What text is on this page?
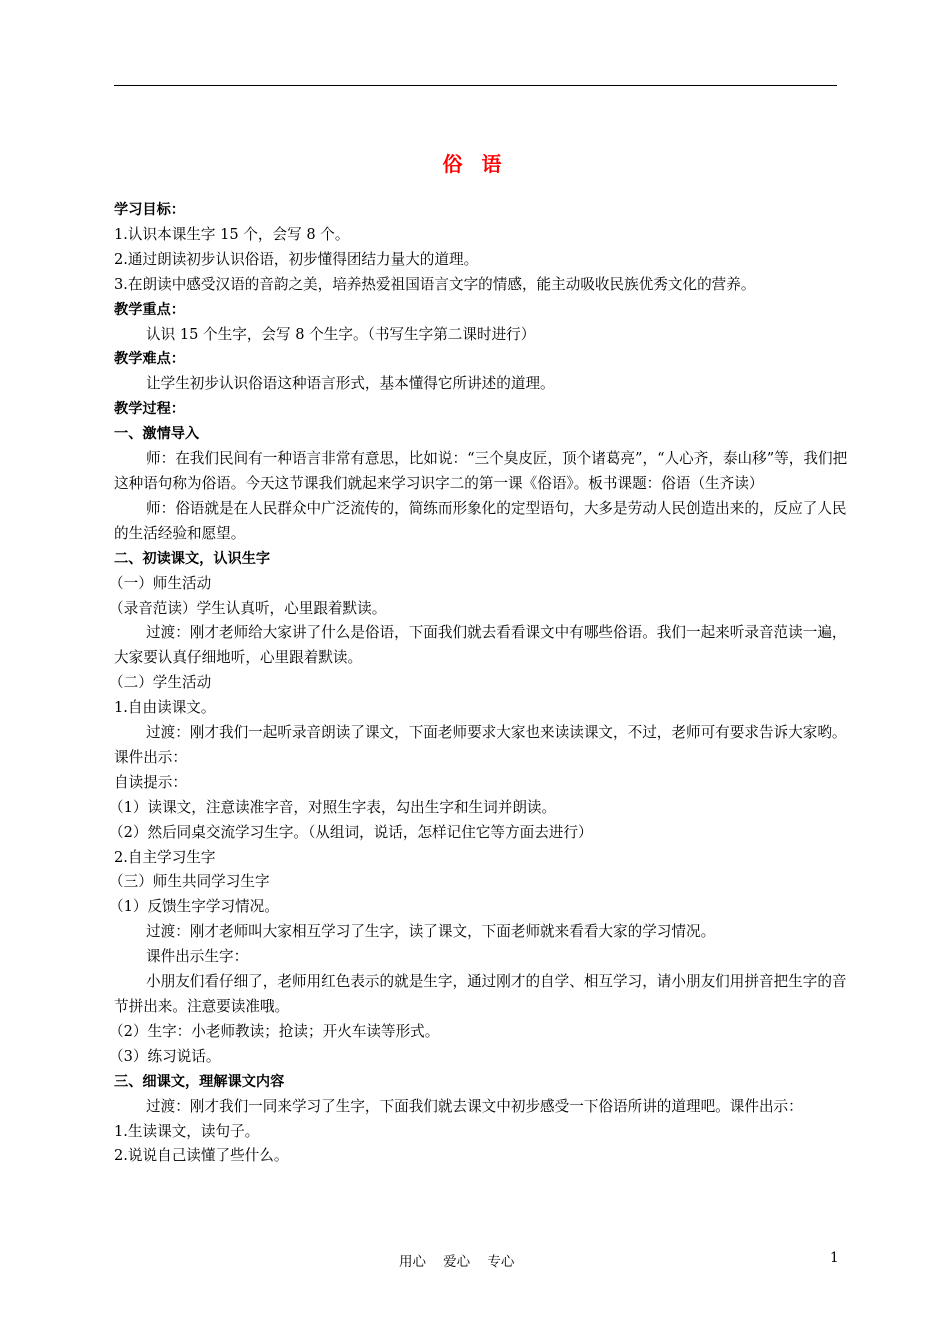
俗 语

学习目标：

1.认识本课生字 15 个，会写 8 个。

2.通过朗读初步认识俗语，初步懂得团结力量大的道理。

3.在朗读中感受汉语的音韵之美，培养热爱祖国语言文字的情感，能主动吸收民族优秀文化的营养。

教学重点：

认识 15 个生字，会写 8 个生字。（书写生字第二课时进行）

教学难点：

让学生初步认识俗语这种语言形式，基本懂得它所讲述的道理。

教学过程：

一、激情导入

师：在我们民间有一种语言非常有意思，比如说：“三个臭皮匠，顶个诸葛亮”，“人心齐，泰山移”等，我们把这种语句称为俗语。今天这节课我们就起来学习识字二的第一课《俗语》。板书课题：俗语（生齐读）

师：俗语就是在人民群众中广泛流传的，简练而形象化的定型语句，大多是劳动人民创造出来的，反应了人民的生活经验和愿望。

二、初读课文，认识生字

（一）师生活动

（录音范读）学生认真听，心里跟着默读。

过渡：刚才老师给大家讲了什么是俗语，下面我们就去看看课文中有哪些俗语。我们一起来听录音范读一遍，大家要认真仔细地听，心里跟着默读。

（二）学生活动

1.自由读课文。

过渡：刚才我们一起听录音朗读了课文，下面老师要求大家也来读读课文，不过，老师可有要求告诉大家哟。课件出示：

自读提示：

（1）读课文，注意读准字音，对照生字表，勾出生字和生词并朗读。

（2）然后同桌交流学习生字。（从组词，说话，怎样记住它等方面去进行）

2.自主学习生字

（三）师生共同学习生字

（1）反馈生字学习情况。

过渡：刚才老师叫大家相互学习了生字，读了课文，下面老师就来看看大家的学习情况。

课件出示生字：

小朋友们看仔细了，老师用红色表示的就是生字，通过刚才的自学、相互学习，请小朋友们用拼音把生字的音节拼出来。注意要读准哦。

（2）生字：小老师教读；抢读；开火车读等形式。

（3）练习说话。

三、细课文，理解课文内容

过渡：刚才我们一同来学习了生字，下面我们就去课文中初步感受一下俗语所讲的道理吧。课件出示：

1.生读课文，读句子。

2.说说自己读懂了些什么。

用心    爱心    专心	1
